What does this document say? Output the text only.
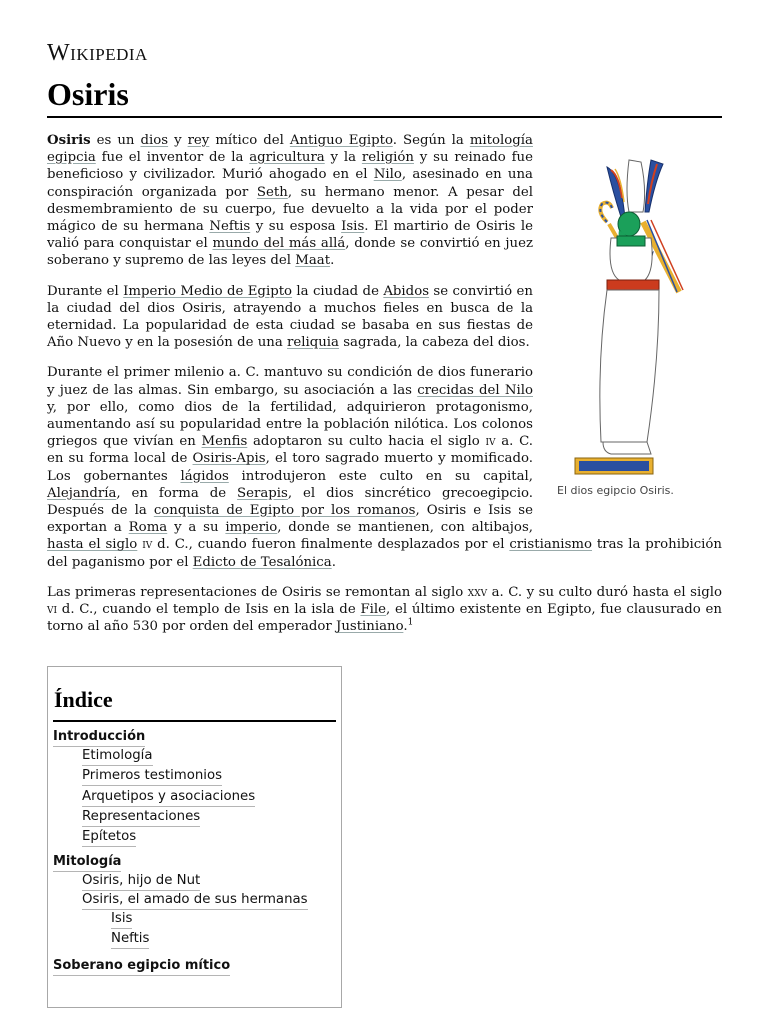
Wikipedia
Osiris
El dios egipcio Osiris.

Osiris es un dios y rey mítico del Antiguo Egipto. Según la mitología egipcia fue el inventor de la agricultura y la religión y su reinado fue beneficioso y civilizador. Murió ahogado en el Nilo, asesinado en una conspiración organizada por Seth, su hermano menor. A pesar del desmembramiento de su cuerpo, fue devuelto a la vida por el poder mágico de su hermana Neftis y su esposa Isis. El martirio de Osiris le valió para conquistar el mundo del más allá, donde se convirtió en juez soberano y supremo de las leyes del Maat.

Durante el Imperio Medio de Egipto la ciudad de Abidos se convirtió en la ciudad del dios Osiris, atrayendo a muchos fieles en busca de la eternidad. La popularidad de esta ciudad se basaba en sus fiestas de Año Nuevo y en la posesión de una reliquia sagrada, la cabeza del dios.

Durante el primer milenio a. C. mantuvo su condición de dios funerario y juez de las almas. Sin embargo, su asociación a las crecidas del Nilo y, por ello, como dios de la fertilidad, adquirieron protagonismo, aumentando así su popularidad entre la población nilótica. Los colonos griegos que vivían en Menfis adoptaron su culto hacia el siglo iv a. C. en su forma local de Osiris-Apis, el toro sagrado muerto y momificado. Los gobernantes lágidos introdujeron este culto en su capital, Alejandría, en forma de Serapis, el dios sincrético grecoegipcio. Después de la conquista de Egipto por los romanos, Osiris e Isis se exportan a Roma y a su imperio, donde se mantienen, con altibajos, hasta el siglo iv d. C., cuando fueron finalmente desplazados por el cristianismo tras la prohibición del paganismo por el Edicto de Tesalónica.

Las primeras representaciones de Osiris se remontan al siglo xxv a. C. y su culto duró hasta el siglo vi d. C., cuando el templo de Isis en la isla de File, el último existente en Egipto, fue clausurado en torno al año 530 por orden del emperador Justiniano.$^1$

Índice
Introducción
Etimología
Primeros testimonios
Arquetipos y asociaciones
Representaciones
Epítetos
Mitología
Osiris, hijo de Nut
Osiris, el amado de sus hermanas
Isis
Neftis
Soberano egipcio mítico
